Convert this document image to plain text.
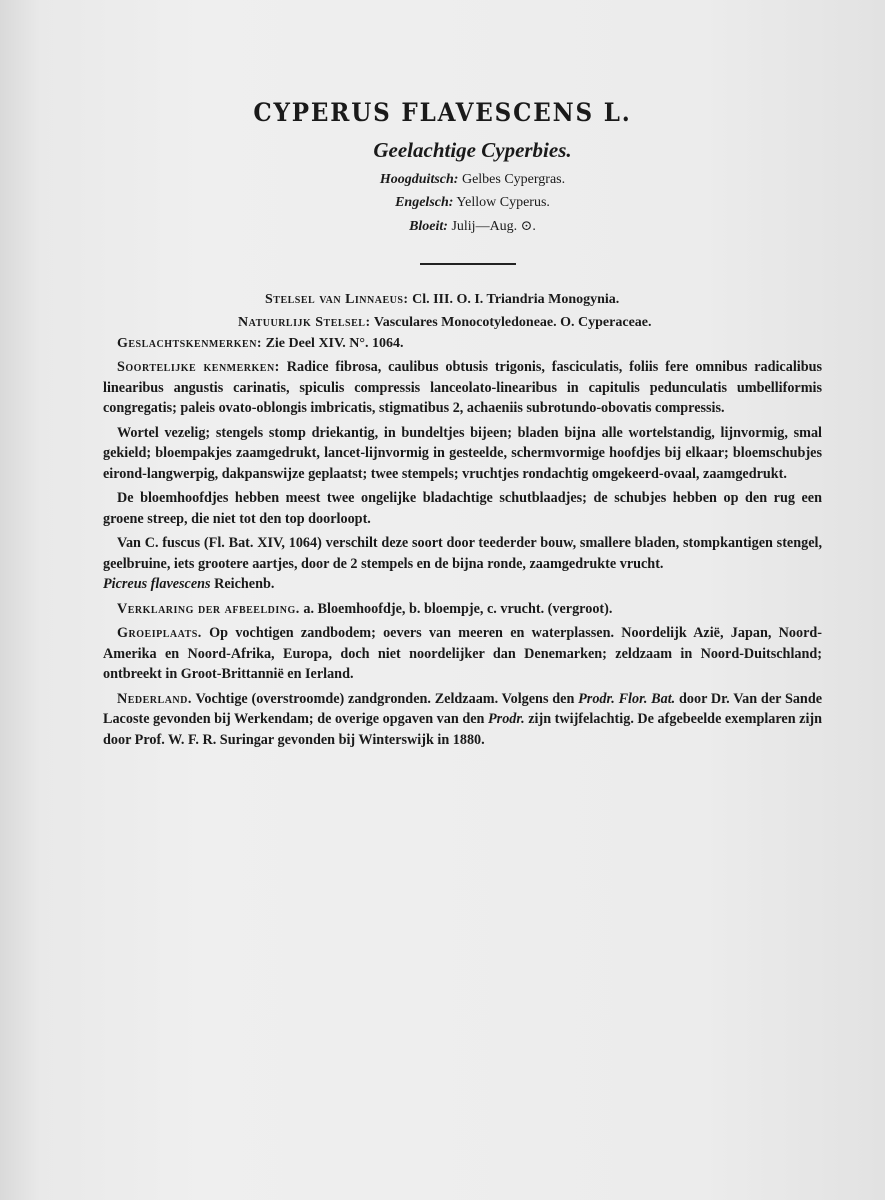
CYPERUS FLAVESCENS L.
Geelachtige Cyperbies.
Hoogduitsch: Gelbes Cypergras.
Engelsch: Yellow Cyperus.
Bloeit: Julij—Aug. ⊙.
Stelsel van Linnaeus: Cl. III. O. I. Triandria Monogynia.
Natuurlijk Stelsel: Vasculares Monocotyledoneae. O. Cyperaceae.
Geslachtskenmerken: Zie Deel XIV. N°. 1064.

Soortelijke kenmerken: Radice fibrosa, caulibus obtusis trigonis, fasciculatis, foliis fere omnibus radicalibus linearibus angustis carinatis, spiculis compressis lanceolato-linearibus in capitulis pedunculatis umbelliformis congregatis; paleis ovato-oblongis imbricatis, stigmatibus 2, achaeniis subrotundo-obovatis compressis.

Wortel vezelig; stengels stomp driekantig, in bundeltjes bijeen; bladen bijna alle wortelstandig, lijnvormig, smal gekield; bloempakjes zaamgedrukt, lancet-lijnvormig in gesteelde, schermvormige hoofdjes bij elkaar; bloemschubjes eirond-langwerpig, dakpanswijze geplaatst; twee stempels; vruchtjes rondachtig omgekeerd-ovaal, zaamgedrukt.

De bloemhoofdjes hebben meest twee ongelijke bladachtige schutblaadjes; de schubjes hebben op den rug een groene streep, die niet tot den top doorloopt.

Van C. fuscus (Fl. Bat. XIV, 1064) verschilt deze soort door teederder bouw, smallere bladen, stompkantigen stengel, geelbruine, iets grootere aartjes, door de 2 stempels en de bijna ronde, zaamgedrukte vrucht.
Picreus flavescens Reichenb.

Verklaring der afbeelding. a. Bloemhoofdje, b. bloempje, c. vrucht. (vergroot).

Groeiplaats. Op vochtigen zandbodem; oevers van meeren en waterplassen. Noordelijk Azië, Japan, Noord-Amerika en Noord-Afrika, Europa, doch niet noordelijker dan Denemarken; zeldzaam in Noord-Duitschland; ontbreekt in Groot-Brittannië en Ierland.

Nederland. Vochtige (overstroomde) zandgronden. Zeldzaam. Volgens den Prodr. Flor. Bat. door Dr. Van der Sande Lacoste gevonden bij Werkendam; de overige opgaven van den Prodr. zijn twijfelachtig. De afgebeelde exemplaren zijn door Prof. W. F. R. Suringar gevonden bij Winterswijk in 1880.
